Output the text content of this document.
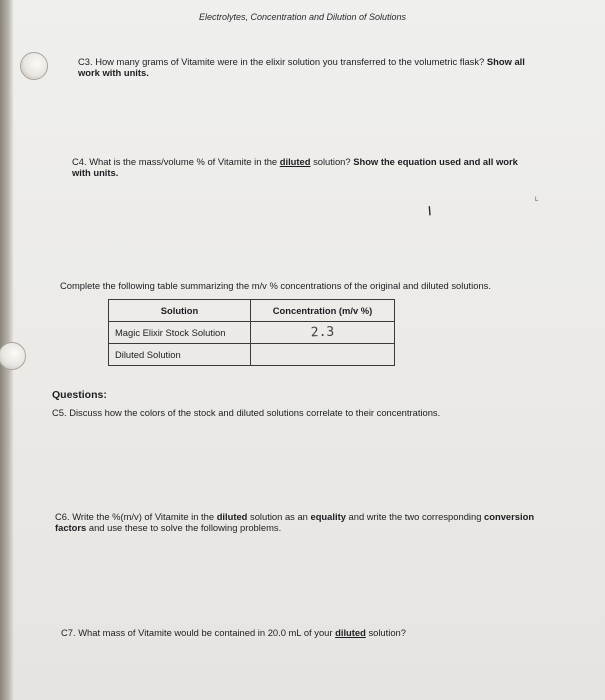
Electrolytes, Concentration and Dilution of Solutions
C3. How many grams of Vitamite were in the elixir solution you transferred to the volumetric flask? Show all work with units.
C4. What is the mass/volume % of Vitamite in the diluted solution? Show the equation used and all work with units.
/
L
Complete the following table summarizing the m/v % concentrations of the original and diluted solutions.
Solution	Concentration (m/v %)
Magic Elixir Stock Solution	2.3

Diluted Solution	
Questions:
C5. Discuss how the colors of the stock and diluted solutions correlate to their concentrations.
C6. Write the %(m/v) of Vitamite in the diluted solution as an equality and write the two corresponding conversion factors and use these to solve the following problems.
C7. What mass of Vitamite would be contained in 20.0 mL of your diluted solution?
